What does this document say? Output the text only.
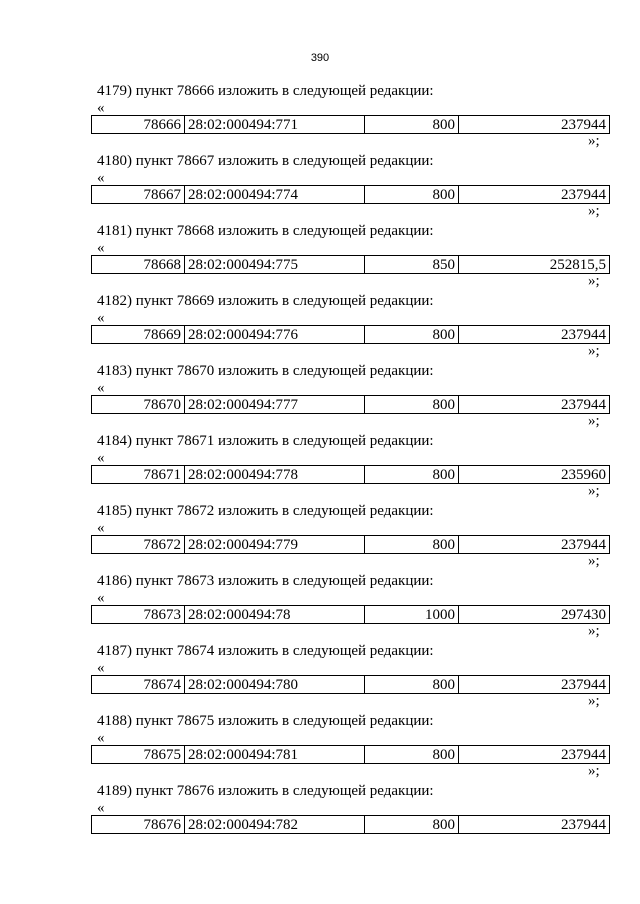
390
4179) пункт 78666 изложить в следующей редакции:
«
78666	28:02:000494:771	800	237944
»;
4180) пункт 78667 изложить в следующей редакции:
«
78667	28:02:000494:774	800	237944
»;
4181) пункт 78668 изложить в следующей редакции:
«
78668	28:02:000494:775	850	252815,5
»;
4182) пункт 78669 изложить в следующей редакции:
«
78669	28:02:000494:776	800	237944
»;
4183) пункт 78670 изложить в следующей редакции:
«
78670	28:02:000494:777	800	237944
»;
4184) пункт 78671 изложить в следующей редакции:
«
78671	28:02:000494:778	800	235960
»;
4185) пункт 78672 изложить в следующей редакции:
«
78672	28:02:000494:779	800	237944
»;
4186) пункт 78673 изложить в следующей редакции:
«
78673	28:02:000494:78	1000	297430
»;
4187) пункт 78674 изложить в следующей редакции:
«
78674	28:02:000494:780	800	237944
»;
4188) пункт 78675 изложить в следующей редакции:
«
78675	28:02:000494:781	800	237944
»;
4189) пункт 78676 изложить в следующей редакции:
«
78676	28:02:000494:782	800	237944
